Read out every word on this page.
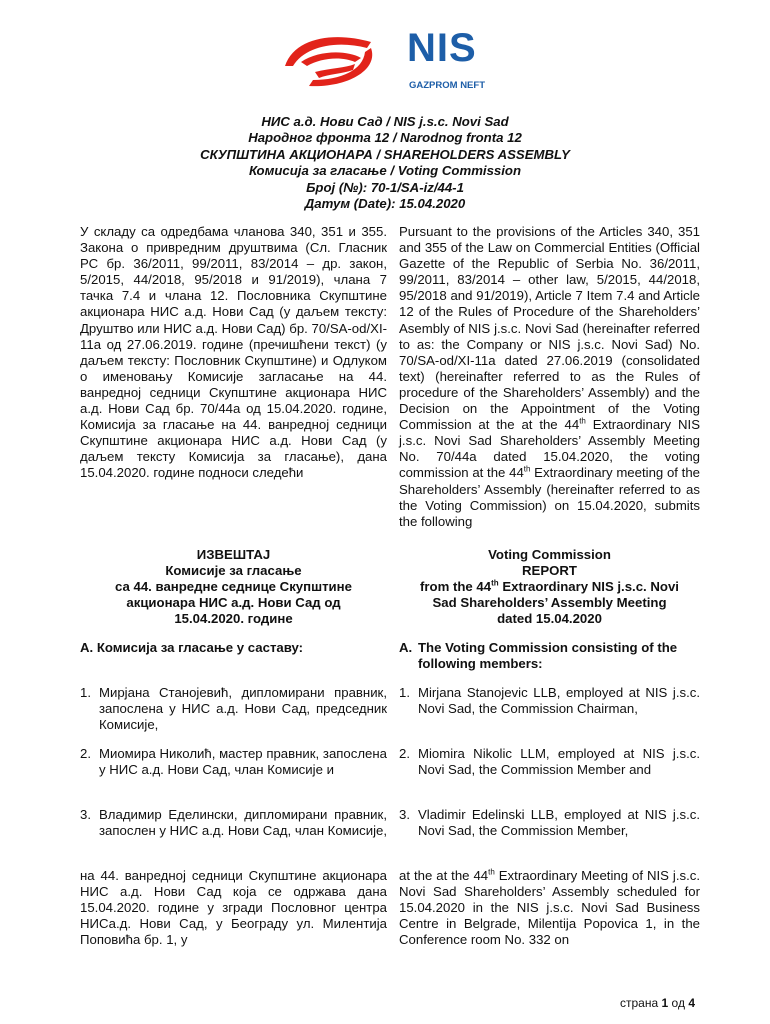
NIS
GAZPROM NEFT
НИС а.д. Нови Сад / NIS j.s.c. Novi Sad
Народног фронта 12 / Narodnog fronta 12
СКУПШТИНА АКЦИОНАРА / SHAREHOLDERS ASSEMBLY
Комисија за гласање / Voting Commission
Број (№): 70-1/SA-iz/44-1
Датум (Date): 15.04.2020
У складу са одредбама чланова 340, 351 и 355. Закона о привредним друштвима (Сл. Гласник РС бр. 36/2011, 99/2011, 83/2014 – др. закон, 5/2015, 44/2018, 95/2018 и 91/2019), члана 7 тачка 7.4 и члана 12. Пословника Скупштине акционара НИС а.д. Нови Сад (у даљем тексту: Друштво или НИС а.д. Нови Сад) бр. 70/SA-od/XI-11a од 27.06.2019. године (пречишћени текст) (у даљем тексту: Пословник Скупштине) и Одлуком о именовању Комисије загласање на 44. ванредној седници Скупштине акционара НИС а.д. Нови Сад бр. 70/44а од 15.04.2020. године, Комисија за гласање на 44. ванредној седници Скупштине акционара НИС а.д. Нови Сад (у даљем тексту Комисија за гласање), дана 15.04.2020. године подноси следећи
Pursuant to the provisions of the Articles 340, 351 and 355 of the Law on Commercial Entities (Official Gazette of the Republic of Serbia No. 36/2011, 99/2011, 83/2014 – other law, 5/2015, 44/2018, 95/2018 and 91/2019), Article 7 Item 7.4 and Article 12 of the Rules of Procedure of the Shareholders’ Asembly of NIS j.s.c. Novi Sad (hereinafter referred to as: the Company or NIS j.s.c. Novi Sad) No. 70/SA-od/XI-11a dated 27.06.2019 (consolidated text) (hereinafter referred to as the Rules of procedure of the Shareholders’ Assembly) and the Decision on the Appointment of the Voting Commission at the at the 44th Extraordinary NIS j.s.c. Novi Sad Shareholders’ Assembly Meeting No. 70/44a dated 15.04.2020, the voting commission at the 44th Extraordinary meeting of the Shareholders’ Assembly (hereinafter referred to as the Voting Commission) on 15.04.2020, submits the following
ИЗВЕШТАЈ
Комисије за гласање
са 44. ванредне седнице Скупштине
акционара НИС а.д. Нови Сад од
15.04.2020. године
Voting Commission
REPORT
from the 44th Extraordinary NIS j.s.c. Novi
Sad Shareholders’ Assembly Meeting
dated 15.04.2020
A. Комисија за гласање у саставу:	A. The Voting Commission consisting of the following members:
1. Мирјана Станојевић, дипломирани правник, запослена у НИС а.д. Нови Сад, председник Комисије,
1. Mirjana Stanojevic LLB, employed at NIS j.s.c. Novi Sad, the Commission Chairman,
2. Миомира Николић, мастер правник, запослена у НИС а.д. Нови Сад, члан Комисије и
2. Miomira Nikolic LLM, employed at NIS j.s.c. Novi Sad, the Commission Member and
3. Владимир Еделински, дипломирани правник, запослен у НИС а.д. Нови Сад, члан Комисије,
3. Vladimir Edelinski LLB, employed at NIS j.s.c. Novi Sad, the Commission Member,
на 44. ванредној седници Скупштине акционара НИС а.д. Нови Сад која се одржава дана 15.04.2020. године у згради Пословног центра НИСа.д. Нови Сад, у Београду ул. Милентија Поповића бр. 1, у
at the at the 44th Extraordinary Meeting of NIS j.s.c. Novi Sad Shareholders’ Assembly scheduled for 15.04.2020 in the NIS j.s.c. Novi Sad Business Centre in Belgrade, Milentija Popovica 1, in the Conference room No. 332 on
страна 1 од 4
